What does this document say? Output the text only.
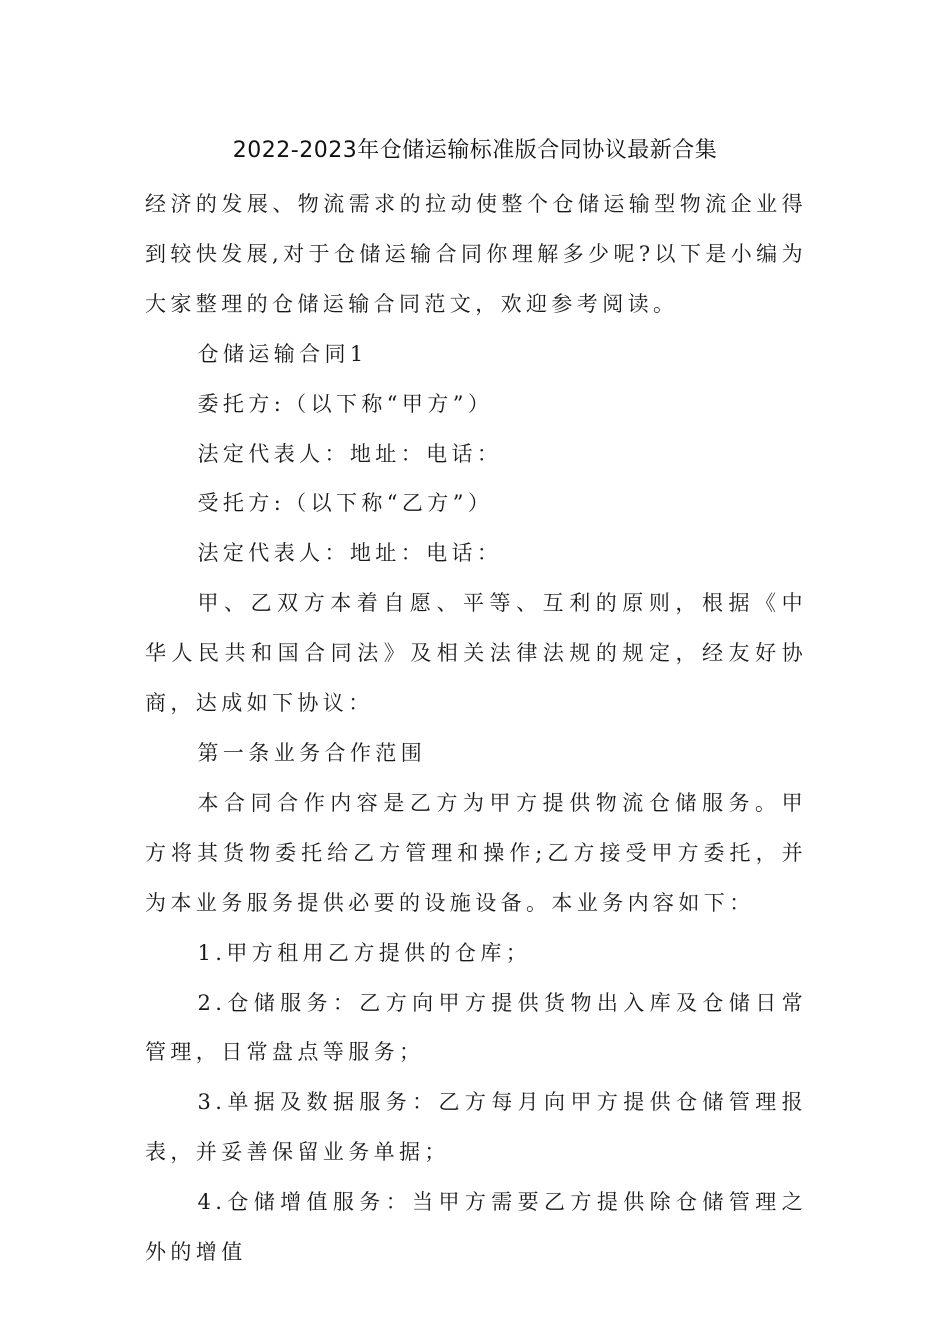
2022-2023年仓储运输标准版合同协议最新合集

经济的发展、物流需求的拉动使整个仓储运输型物流企业得到较快发展,对于仓储运输合同你理解多少呢?以下是小编为大家整理的仓储运输合同范文，欢迎参考阅读。

仓储运输合同1

委托方:（以下称“甲方”）

法定代表人：地址：电话：

受托方:（以下称“乙方”）

法定代表人：地址：电话：

甲、乙双方本着自愿、平等、互利的原则，根据《中华人民共和国合同法》及相关法律法规的规定，经友好协商，达成如下协议：

第一条业务合作范围

本合同合作内容是乙方为甲方提供物流仓储服务。甲方将其货物委托给乙方管理和操作;乙方接受甲方委托，并为本业务服务提供必要的设施设备。本业务内容如下：

1.甲方租用乙方提供的仓库；

2.仓储服务：乙方向甲方提供货物出入库及仓储日常管理，日常盘点等服务；

3.单据及数据服务：乙方每月向甲方提供仓储管理报表，并妥善保留业务单据；

4.仓储增值服务：当甲方需要乙方提供除仓储管理之外的增值
